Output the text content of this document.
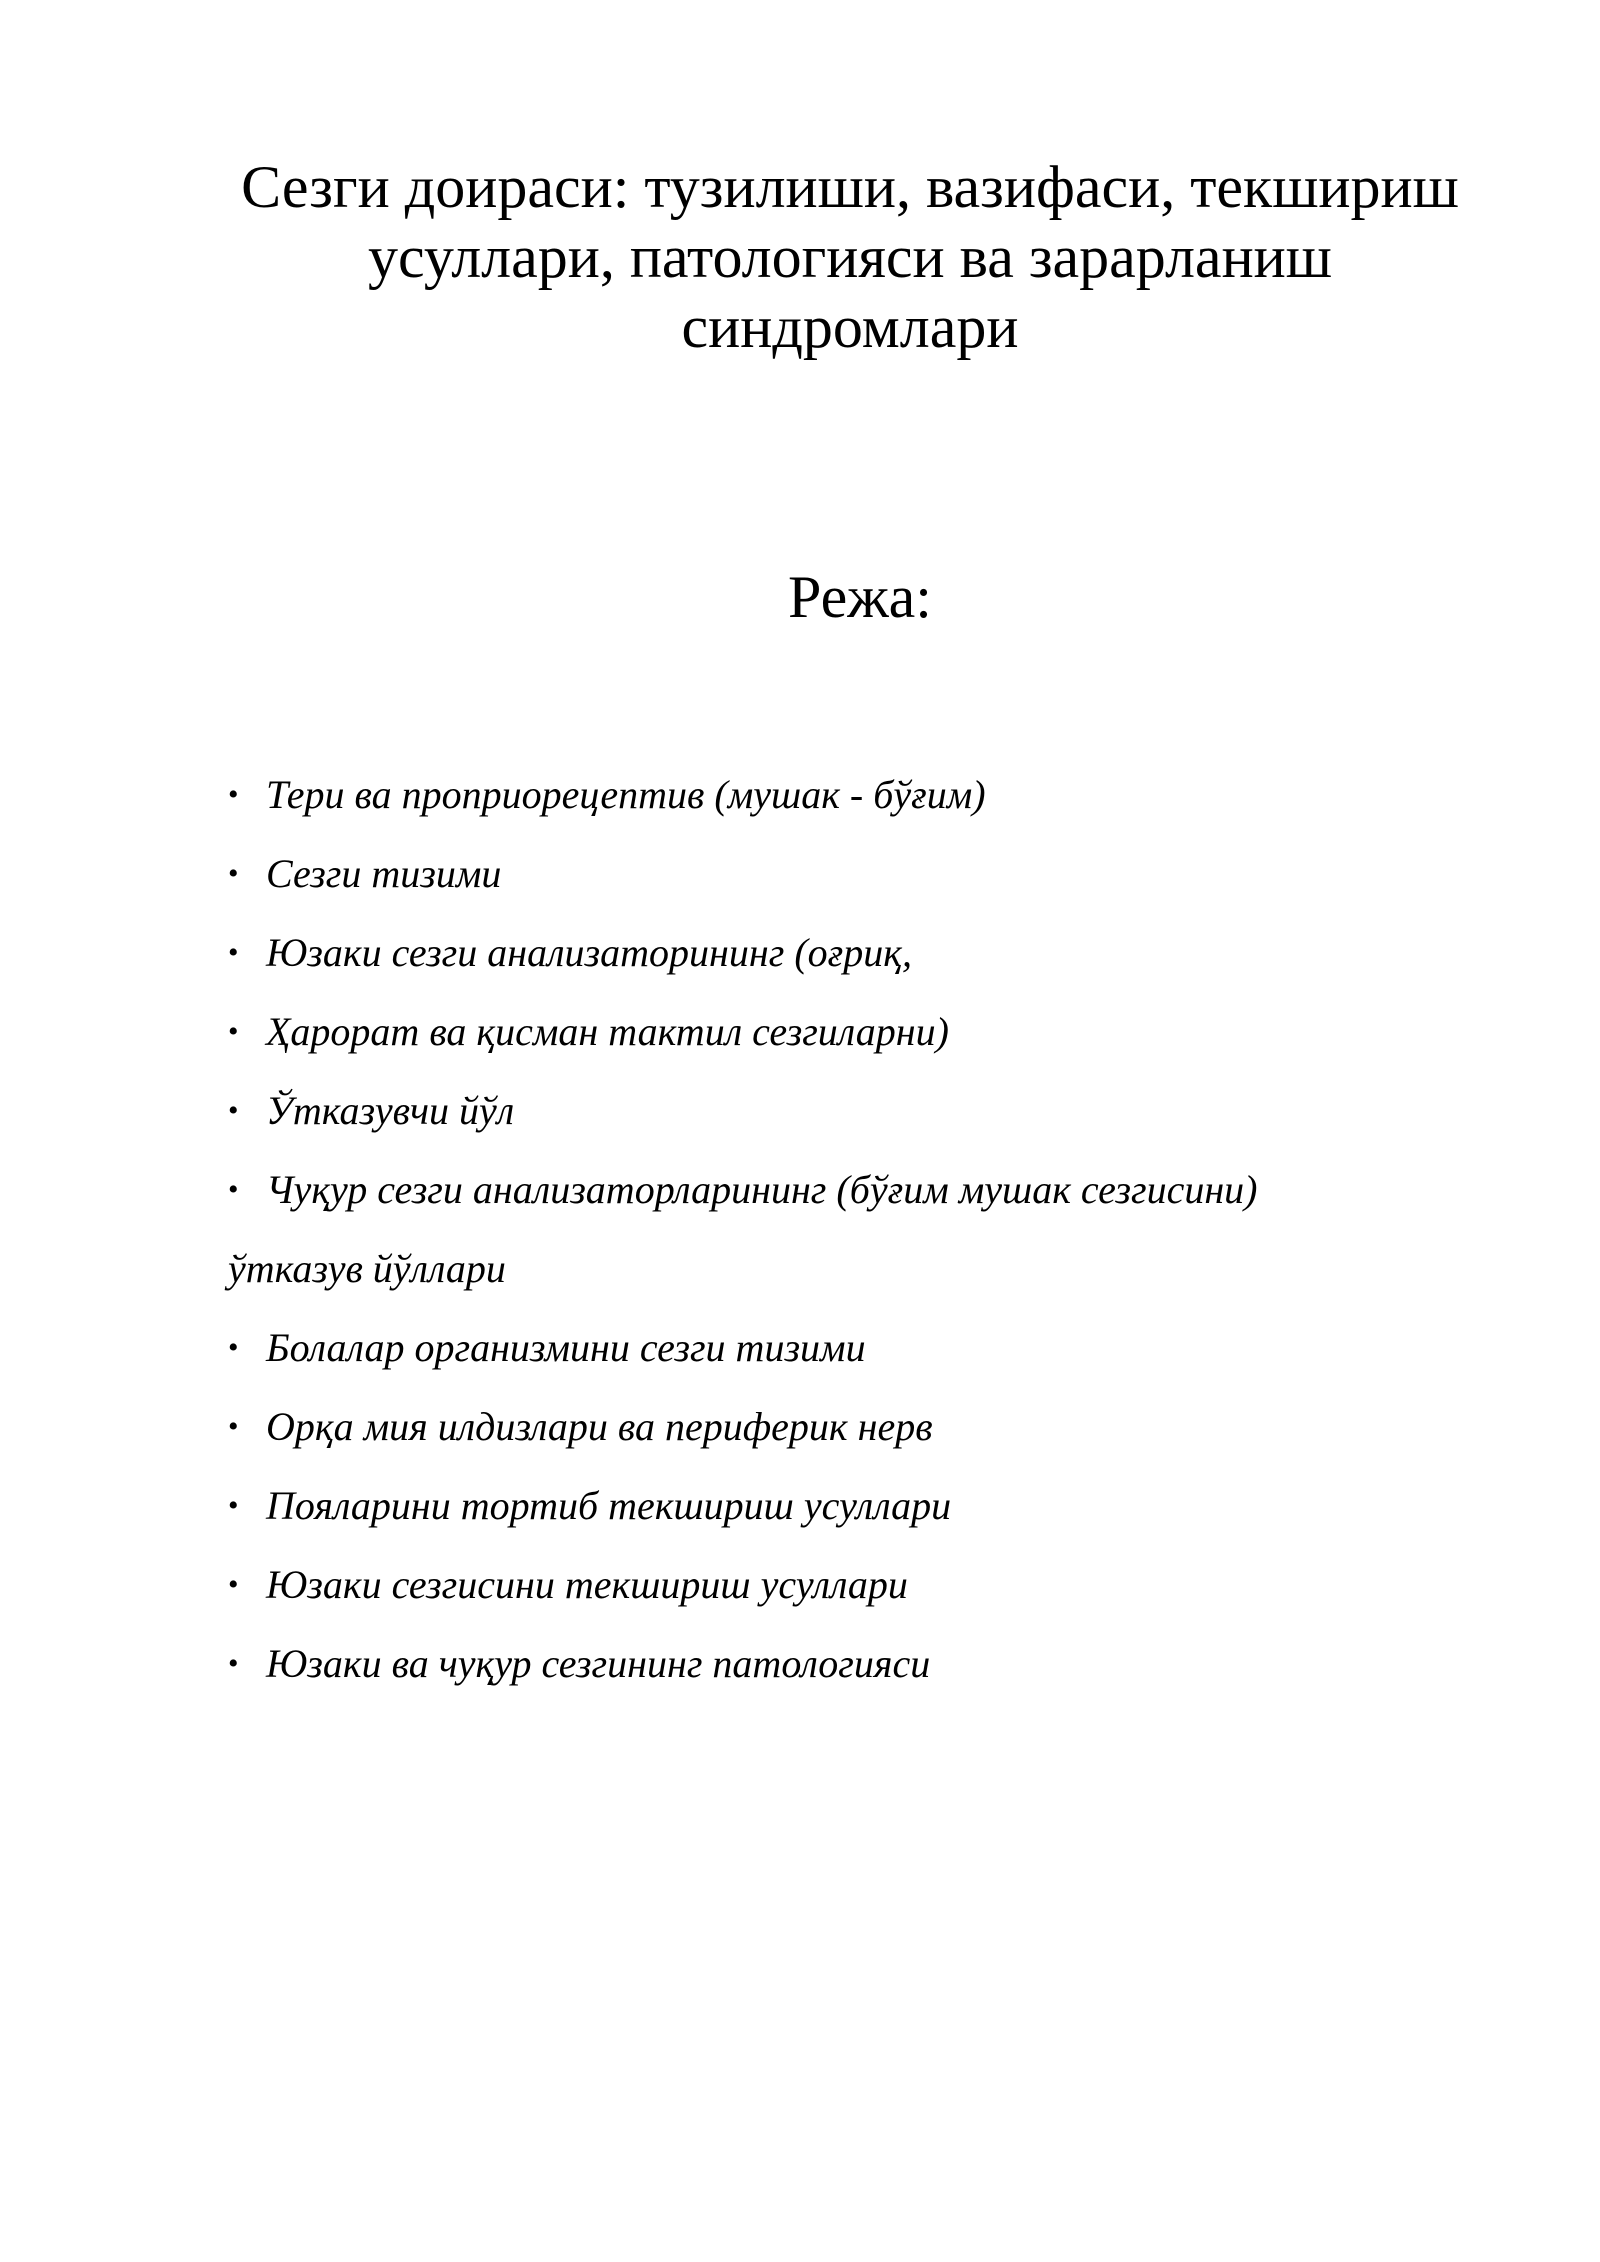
Сезги доираси: тузилиши, вазифаси, текшириш
усуллари, патологияси ва зарарланиш
синдромлари
Режа:
• Тери ва проприорецептив (мушак - бўғим)
• Сезги тизими
• Юзаки сезги анализаторининг (оғриқ,
• Ҳарорат ва қисман тактил сезгиларни)
• Ўтказувчи йўл
• Чуқур сезги анализаторларининг (бўғим мушак сезгисини)
ўтказув йўллари
• Болалар организмини сезги тизими
• Орқа мия илдизлари ва периферик нерв
• Пояларини тортиб текшириш усуллари
• Юзаки сезгисини текшириш усуллари
• Юзаки ва чуқур сезгининг патологияси
